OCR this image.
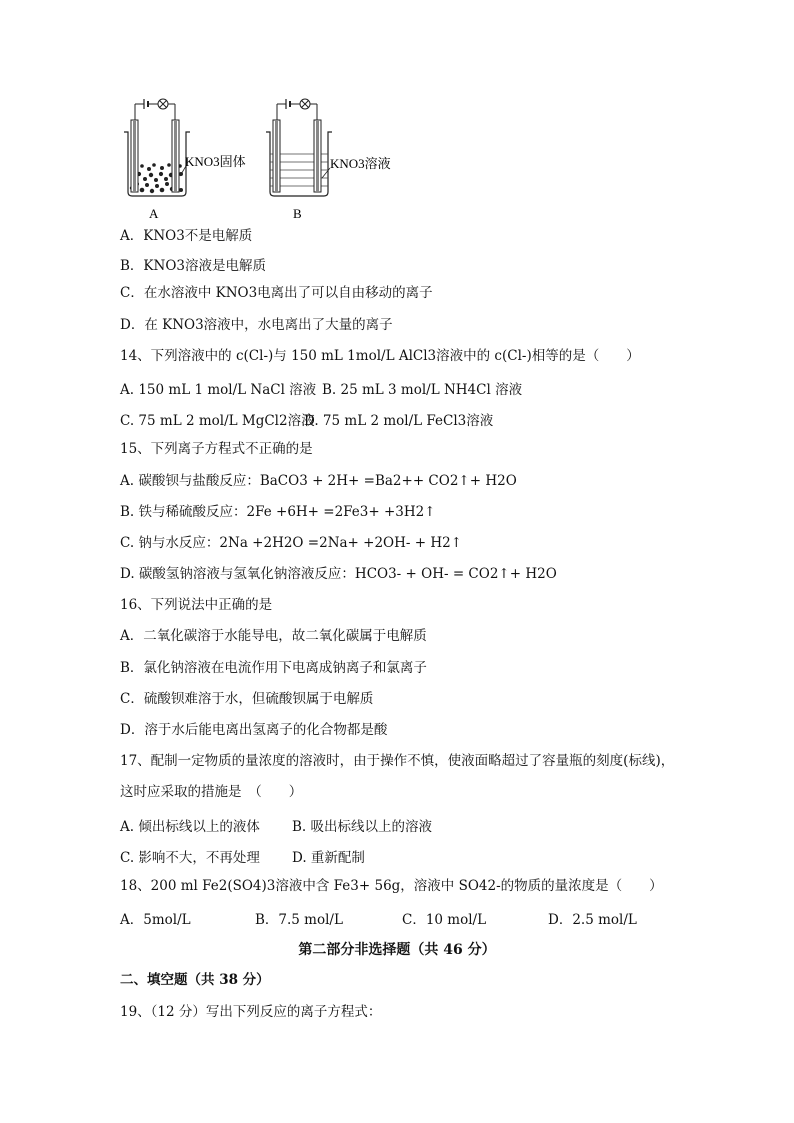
KNO3固体
A
KNO3溶液
B
A．KNO3不是电解质
B．KNO3溶液是电解质
C．在水溶液中 KNO3电离出了可以自由移动的离子
D．在 KNO3溶液中，水电离出了大量的离子
14、下列溶液中的 c(Cl-)与 150 mL 1mol/L AlCl3溶液中的 c(Cl-)相等的是（　　）
A. 150 mL 1 mol/L NaCl 溶液 B. 25 mL 3 mol/L NH4Cl 溶液
C. 75 mL 2 mol/L MgCl2溶液
D. 75 mL 2 mol/L FeCl3溶液
15、下列离子方程式不正确的是
A. 碳酸钡与盐酸反应：BaCO3 + 2H+ =Ba2++ CO2↑+ H2O
B. 铁与稀硫酸反应：2Fe +6H+ =2Fe3+ +3H2↑
C. 钠与水反应：2Na +2H2O =2Na+ +2OH- + H2↑
D. 碳酸氢钠溶液与氢氧化钠溶液反应：HCO3- + OH- = CO2↑+ H2O
16、下列说法中正确的是
A．二氧化碳溶于水能导电，故二氧化碳属于电解质
B．氯化钠溶液在电流作用下电离成钠离子和氯离子
C．硫酸钡难溶于水，但硫酸钡属于电解质
D．溶于水后能电离出氢离子的化合物都是酸
17、配制一定物质的量浓度的溶液时，由于操作不慎，使液面略超过了容量瓶的刻度(标线)，
这时应采取的措施是　（　　）
A. 倾出标线以上的液体 B. 吸出标线以上的溶液
C. 影响不大，不再处理 D. 重新配制
18、200 ml Fe2(SO4)3溶液中含 Fe3+ 56g，溶液中 SO42-的物质的量浓度是（　　）
A．5mol/L	B．7.5 mol/L	C．10 mol/L	D．2.5 mol/L
第二部分非选择题（共 46 分）
二、填空题（共 38 分）
19、（12 分）写出下列反应的离子方程式：
